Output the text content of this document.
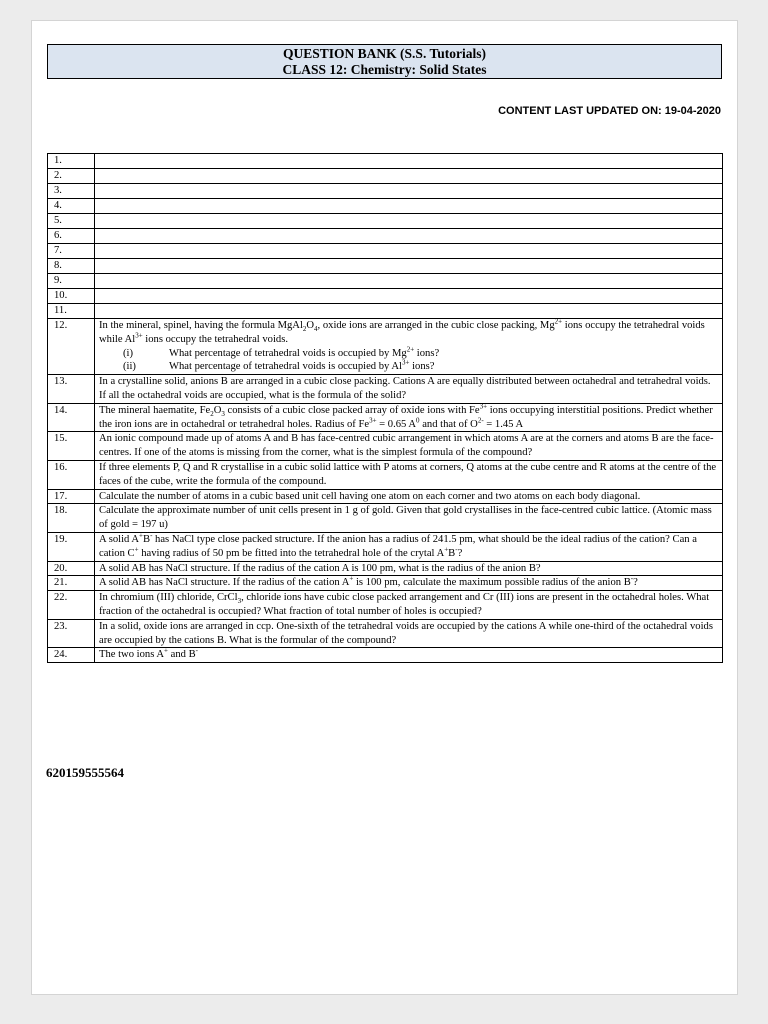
QUESTION BANK (S.S. Tutorials)
CLASS 12: Chemistry: Solid States
CONTENT LAST UPDATED ON: 19-04-2020
1.	
2.	
3.	
4.	
5.	
6.	
7.	
8.	
9.	
10.	
11.	
12.	In the mineral, spinel, having the formula $MgAl_2O_4$, oxide ions are arranged in the cubic close packing, $Mg^{2+}$ ions occupy the tetrahedral voids while $Al^{3+}$ ions occupy the tetrahedral voids.
(i) What percentage of tetrahedral voids is occupied by $Mg^{2+}$ ions?
(ii) What percentage of tetrahedral voids is occupied by $Al^{3+}$ ions?

13.	In a crystalline solid, anions B are arranged in a cubic close packing. Cations A are equally distributed between octahedral and tetrahedral voids. If all the octahedral voids are occupied, what is the formula of the solid?

14.	The mineral haematite, $Fe_2O_3$ consists of a cubic close packed array of oxide ions with $Fe^{3+}$ ions occupying interstitial positions. Predict whether the iron ions are in octahedral or tetrahedral holes. Radius of $Fe^{3+} = 0.65$ $A^0$ and that of $O^{2-} = 1.45$ A

15.	An ionic compound made up of atoms A and B has face-centred cubic arrangement in which atoms A are at the corners and atoms B are the face-centres. If one of the atoms is missing from the corner, what is the simplest formula of the compound?

16.	If three elements P, Q and R crystallise in a cubic solid lattice with P atoms at corners, Q atoms at the cube centre and R atoms at the centre of the faces of the cube, write the formula of the compound.

17.	Calculate the number of atoms in a cubic based unit cell having one atom on each corner and two atoms on each body diagonal.

18.	Calculate the approximate number of unit cells present in 1 g of gold. Given that gold crystallises in the face-centred cubic lattice. (Atomic mass of gold = 197 u)

19.	A solid A+B- has NaCl type close packed structure. If the anion has a radius of 241.5 pm, what should be the ideal radius of the cation? Can a cation C+ having radius of 50 pm be fitted into the tetrahedral hole of the crytal A+B-?

20.	A solid AB has NaCl structure. If the radius of the cation A is 100 pm, what is the radius of the anion B?

21.	A solid AB has NaCl structure. If the radius of the cation A+ is 100 pm, calculate the maximum possible radius of the anion B-?

22.	In chromium (III) chloride, CrCl$_3$, chloride ions have cubic close packed arrangement and Cr (III) ions are present in the octahedral holes. What fraction of the octahedral is occupied? What fraction of total number of holes is occupied?

23.	In a solid, oxide ions are arranged in ccp. One-sixth of the tetrahedral voids are occupied by the cations A while one-third of the octahedral voids are occupied by the cations B. What is the formular of the compound?

24.	The two ions A+ and B-
620159555564
